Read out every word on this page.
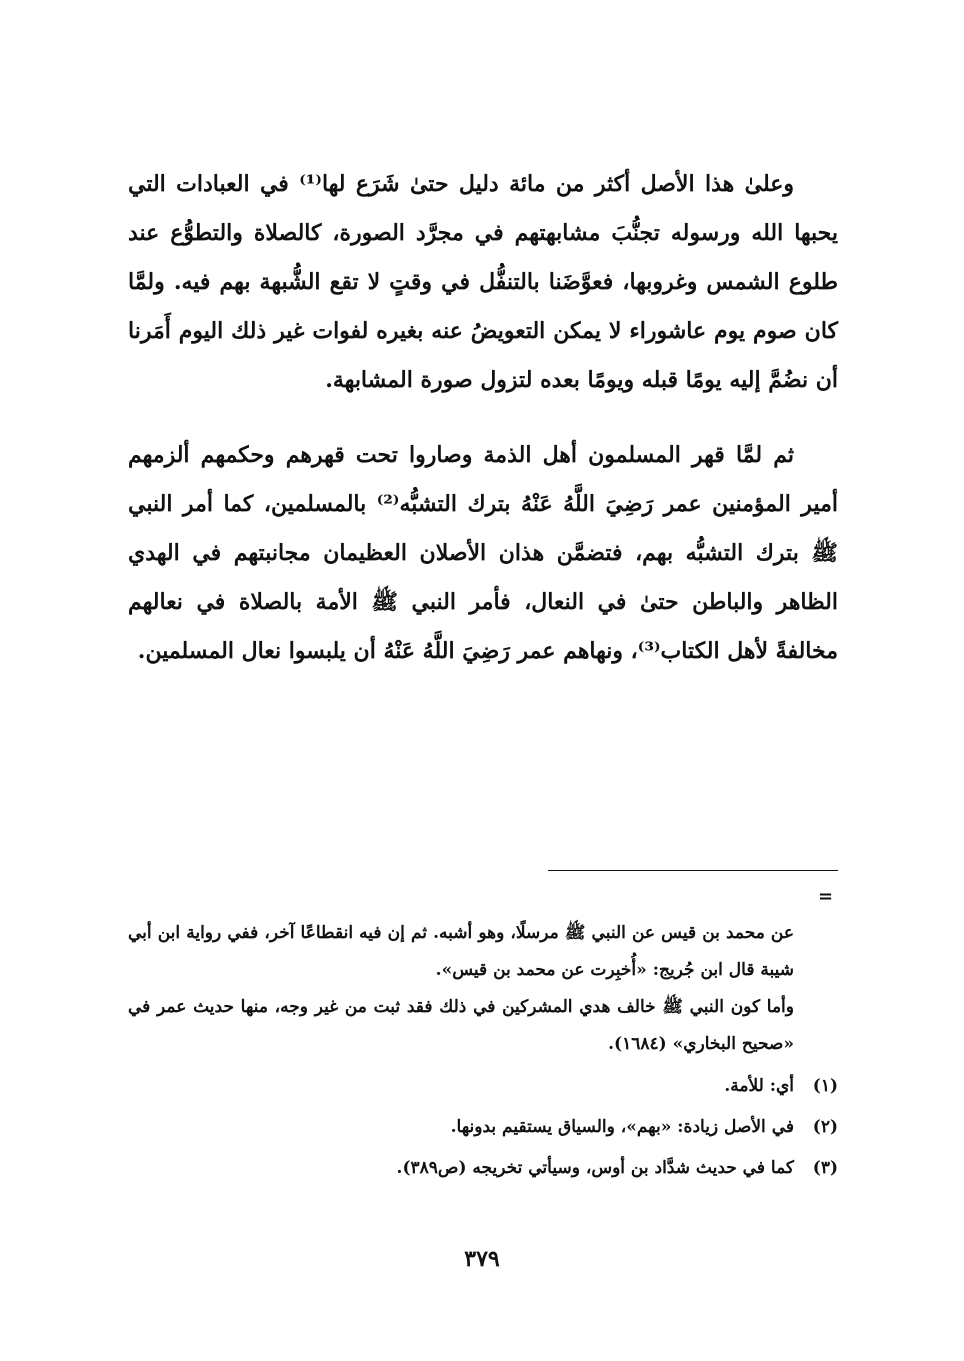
وعلىٰ هذا الأصل أكثر من مائة دليل حتىٰ شَرَع لها⁽¹⁾ في العبادات التي يحبها الله ورسوله تجنُّبَ مشابهتهم في مجرَّد الصورة، كالصلاة والتطوُّع عند طلوع الشمس وغروبها، فعوَّضَنا بالتنفُّل في وقتٍ لا تقع الشُّبهة بهم فيه. ولمَّا كان صوم يوم عاشوراء لا يمكن التعويضُ عنه بغيره لفوات غير ذلك اليوم أَمَرنا أن نضُمَّ إليه يومًا قبله ويومًا بعده لتزول صورة المشابهة.

ثم لمَّا قهر المسلمون أهل الذمة وصاروا تحت قهرهم وحكمهم ألزمهم أمير المؤمنين عمر رَضِيَ اللَّهُ عَنْهُ بترك التشبُّه⁽²⁾ بالمسلمين، كما أمر النبي ﷺ بترك التشبُّه بهم، فتضمَّن هذان الأصلان العظيمان مجانبتهم في الهدي الظاهر والباطن حتىٰ في النعال، فأمر النبي ﷺ الأمة بالصلاة في نعالهم مخالفةً لأهل الكتاب⁽³⁾، ونهاهم عمر رَضِيَ اللَّهُ عَنْهُ أن يلبسوا نعال المسلمين.

=

عن محمد بن قيس عن النبي ﷺ مرسلًا، وهو أشبه. ثم إن فيه انقطاعًا آخر، ففي رواية ابن أبي شيبة قال ابن جُريج: «أُخبِرت عن محمد بن قيس».

وأما كون النبي ﷺ خالف هدي المشركين في ذلك فقد ثبت من غير وجه، منها حديث عمر في «صحيح البخاري» (١٦٨٤).

(١)أي: للأمة.

(٢)في الأصل زيادة: «بهم»، والسياق يستقيم بدونها.

(٣)كما في حديث شدَّاد بن أوس، وسيأتي تخريجه (ص٣٨٩).

٣٧٩
